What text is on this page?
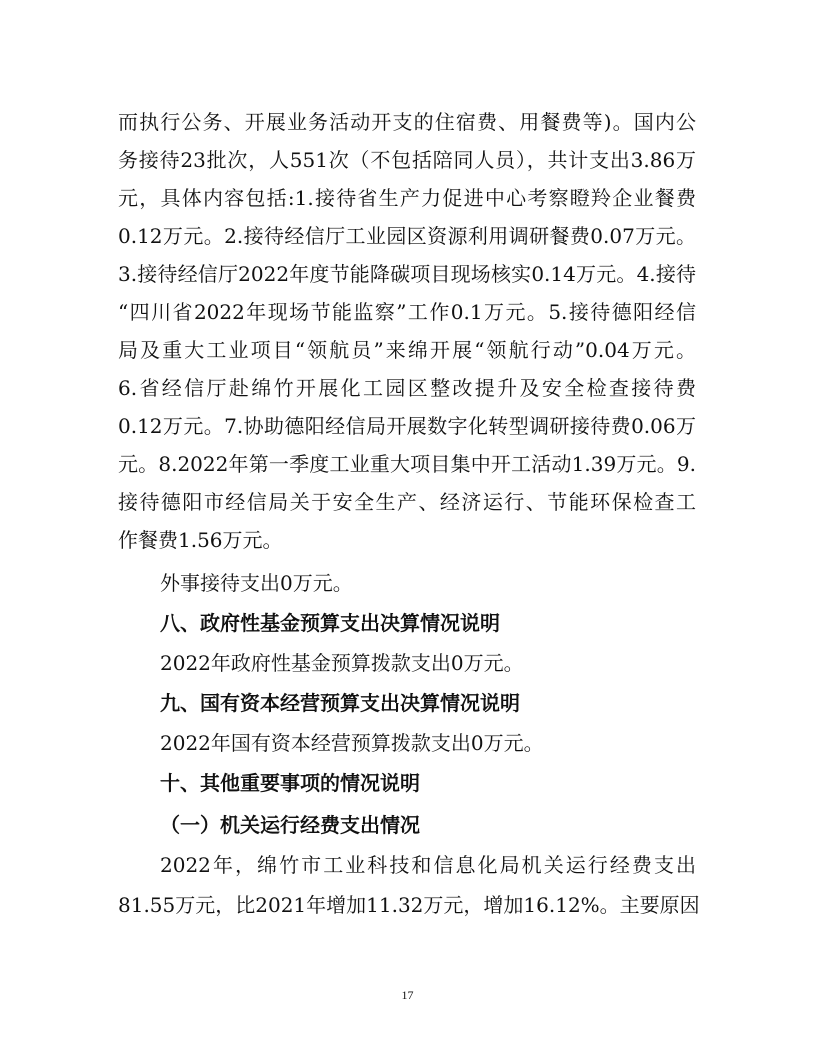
而执行公务、开展业务活动开支的住宿费、用餐费等)。国内公
务接待23批次，人551次（不包括陪同人员），共计支出3.86万
元，具体内容包括:1.接待省生产力促进中心考察瞪羚企业餐费
0.12万元。2.接待经信厅工业园区资源利用调研餐费0.07万元。
3.接待经信厅2022年度节能降碳项目现场核实0.14万元。4.接待
“四川省2022年现场节能监察”工作0.1万元。5.接待德阳经信
局及重大工业项目“领航员”来绵开展“领航行动”0.04万元。
6.省经信厅赴绵竹开展化工园区整改提升及安全检查接待费
0.12万元。7.协助德阳经信局开展数字化转型调研接待费0.06万
元。8.2022年第一季度工业重大项目集中开工活动1.39万元。9.
接待德阳市经信局关于安全生产、经济运行、节能环保检查工
作餐费1.56万元。
外事接待支出0万元。
八、政府性基金预算支出决算情况说明
2022年政府性基金预算拨款支出0万元。
九、国有资本经营预算支出决算情况说明
2022年国有资本经营预算拨款支出0万元。
十、其他重要事项的情况说明
（一）机关运行经费支出情况
2022年，绵竹市工业科技和信息化局机关运行经费支出
81.55万元，比2021年增加11.32万元，增加16.12%。主要原因
17
